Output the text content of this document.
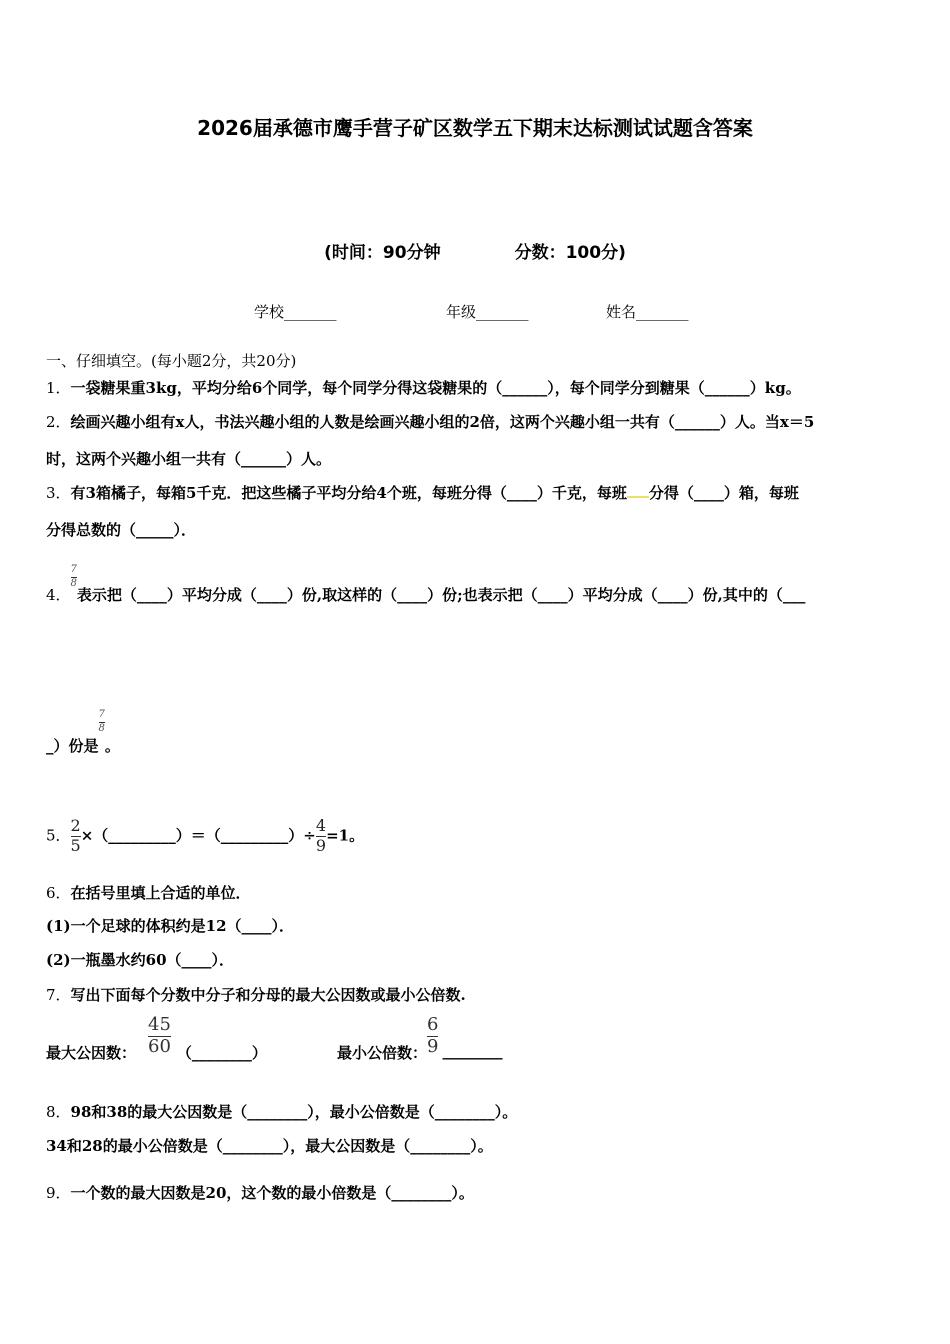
2026届承德市鹰手营子矿区数学五下期末达标测试试题含答案
(时间：90分钟	分数：100分)
学校_______	年级_______	姓名_______
一、仔细填空。(每小题2分，共20分)
1．一袋糖果重3kg，平均分给6个同学，每个同学分得这袋糖果的（______），每个同学分到糖果（______）kg。
2．绘画兴趣小组有x人，书法兴趣小组的人数是绘画兴趣小组的2倍，这两个兴趣小组一共有（______）人。当x＝5
时，这两个兴趣小组一共有（______）人。
3．有3箱橘子，每箱5千克．把这些橘子平均分给4个班，每班分得（____）千克，每班 分得（____）箱，每班
分得总数的（_____）．
4．
$\frac{7}{8}$
表示把（____）平均分成（____）份,取这样的（____）份;也表示把（____）平均分成（____）份,其中的（___
_）份是
$\frac{7}{8}$
。
5． $\frac{2}{5}$ ×（_________）＝（_________）÷ $\frac{4}{9} =1$。
6．在括号里填上合适的单位．
(1)一个足球的体积约是12（____）．
(2)一瓶墨水约60（____）．
7．写出下面每个分数中分子和分母的最大公因数或最小公倍数.
最大公因数： $\frac{45}{60}$ （________）	最小公倍数： $\frac{6}{9}$ ________
8．98和38的最大公因数是（________），最小公倍数是（________）。
34和28的最小公倍数是（________），最大公因数是（________）。
9．一个数的最大因数是20，这个数的最小倍数是（________）。
